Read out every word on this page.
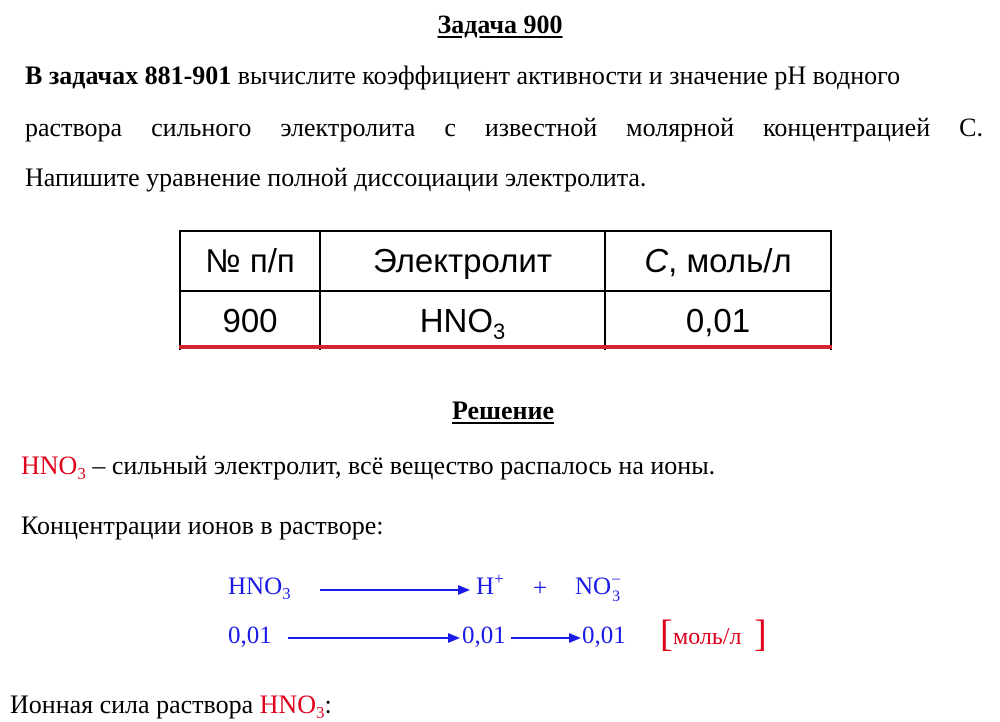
Задача 900
В задачах 881-901 вычислите коэффициент активности и значение pH водного
раствора сильного электролита с известной молярной концентрацией С.
Напишите уравнение полной диссоциации электролита.
№ п/п	Электролит	C, моль/л
900	$HNO_3$	0,01
Решение
HNO3 – сильный электролит, всё вещество распалось на ионы.
Концентрации ионов в растворе:
$HNO_3$	H+ + NO –
3
0,01	0,01	0,01 [ моль/л ]
Ионная сила раствора HNO3:
